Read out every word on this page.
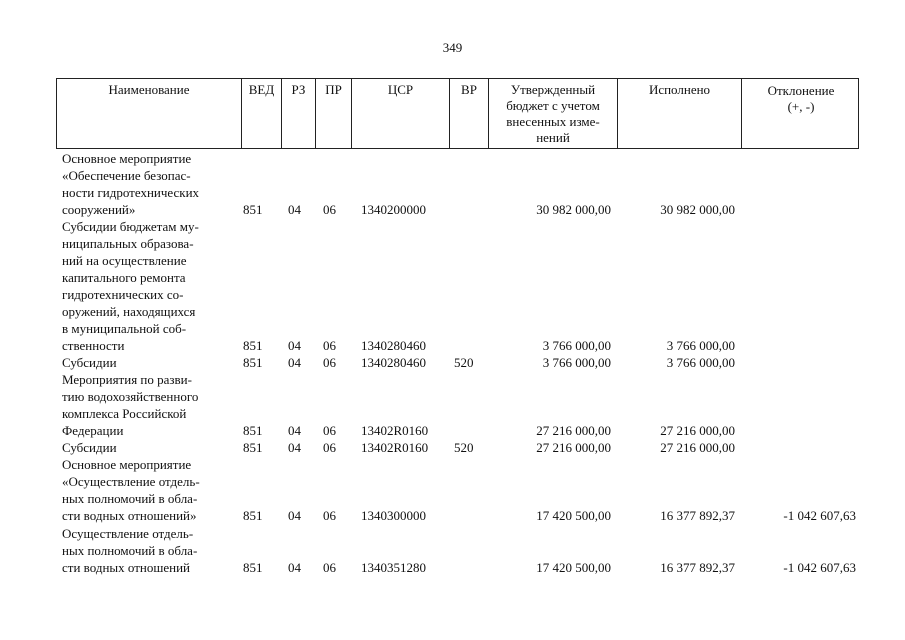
349
Наименование	ВЕД	РЗ	ПР	ЦСР	ВР	Утвержденный
бюджет с учетом
внесенных изме-
нений
Исполнено	Отклонение
(+, -)
Основное мероприятие
«Обеспечение безопас-
ности гидротехнических
сооружений»	851 04 06 1340200000	30 982 000,00	30 982 000,00
Субсидии бюджетам му-
ниципальных образова-
ний на осуществление
капитального ремонта
гидротехнических со-
оружений, находящихся
в муниципальной соб-
ственности	851 04 06 1340280460	3 766 000,00	3 766 000,00
Субсидии	851 04 06 1340280460 520	3 766 000,00	3 766 000,00
Мероприятия по разви-
тию водохозяйственного
комплекса Российской
Федерации	851 04 06 13402R0160	27 216 000,00	27 216 000,00
Субсидии	851 04 06 13402R0160 520	27 216 000,00	27 216 000,00
Основное мероприятие
«Осуществление отдель-
ных полномочий в обла-
сти водных отношений»	851 04 06 1340300000	17 420 500,00	16 377 892,37	-1 042 607,63
Осуществление отдель-
ных полномочий в обла-
сти водных отношений	851 04 06 1340351280	17 420 500,00	16 377 892,37	-1 042 607,63
